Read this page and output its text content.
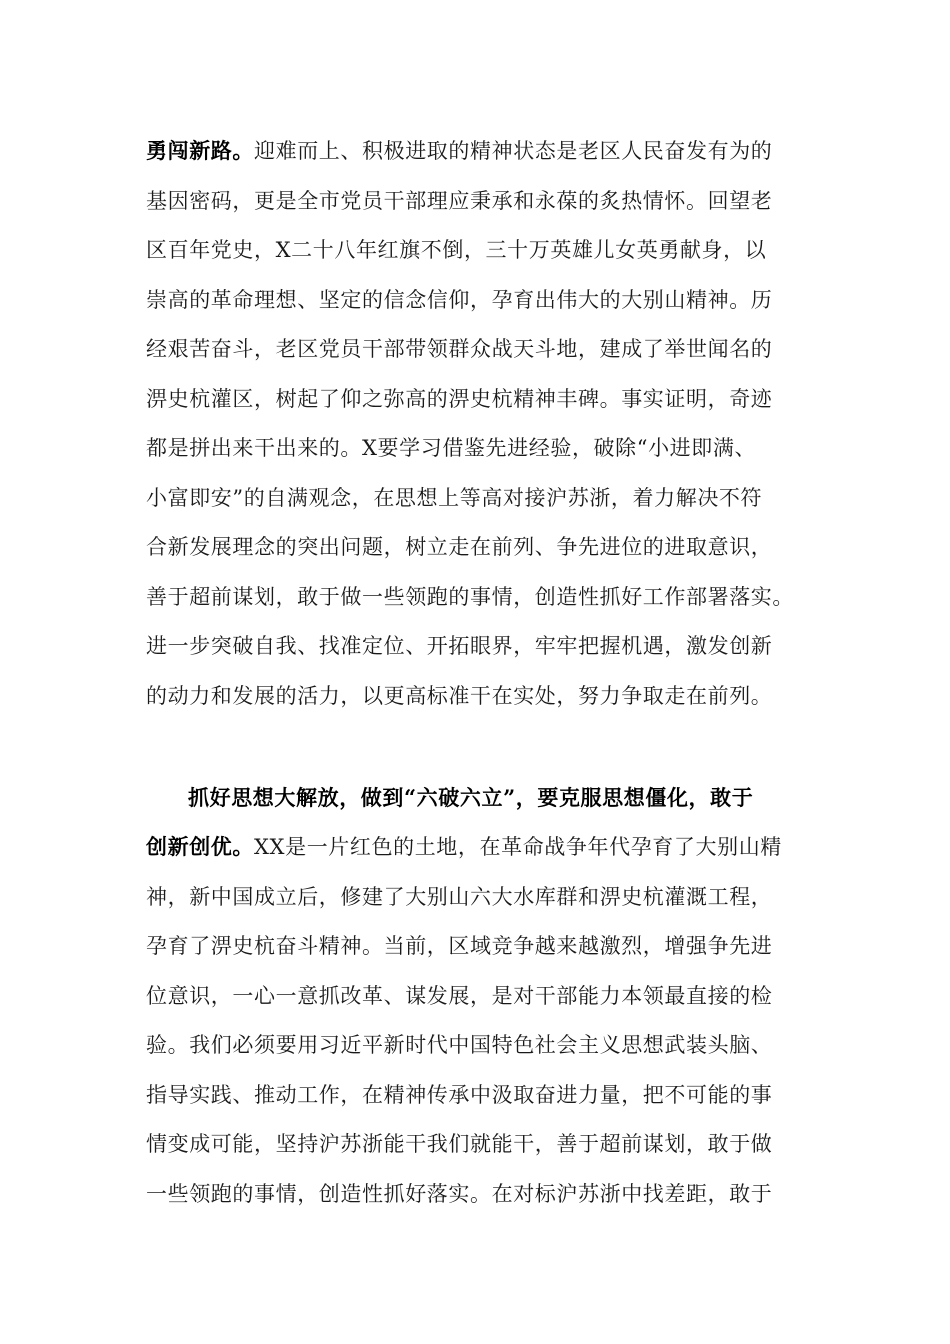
勇闯新路。迎难而上、积极进取的精神状态是老区人民奋发有为的
基因密码，更是全市党员干部理应秉承和永葆的炙热情怀。回望老
区百年党史，X二十八年红旗不倒，三十万英雄儿女英勇献身，以
崇高的革命理想、坚定的信念信仰，孕育出伟大的大别山精神。历
经艰苦奋斗，老区党员干部带领群众战天斗地，建成了举世闻名的
淠史杭灌区，树起了仰之弥高的淠史杭精神丰碑。事实证明，奇迹
都是拼出来干出来的。X要学习借鉴先进经验，破除“小进即满、
小富即安”的自满观念，在思想上等高对接沪苏浙，着力解决不符
合新发展理念的突出问题，树立走在前列、争先进位的进取意识，
善于超前谋划，敢于做一些领跑的事情，创造性抓好工作部署落实。
进一步突破自我、找准定位、开拓眼界，牢牢把握机遇，激发创新
的动力和发展的活力，以更高标准干在实处，努力争取走在前列。
抓好思想大解放，做到“六破六立”，要克服思想僵化，敢于
创新创优。XX是一片红色的土地，在革命战争年代孕育了大别山精
神，新中国成立后，修建了大别山六大水库群和淠史杭灌溉工程，
孕育了淠史杭奋斗精神。当前，区域竞争越来越激烈，增强争先进
位意识，一心一意抓改革、谋发展，是对干部能力本领最直接的检
验。我们必须要用习近平新时代中国特色社会主义思想武装头脑、
指导实践、推动工作，在精神传承中汲取奋进力量，把不可能的事
情变成可能，坚持沪苏浙能干我们就能干，善于超前谋划，敢于做
一些领跑的事情，创造性抓好落实。在对标沪苏浙中找差距，敢于
